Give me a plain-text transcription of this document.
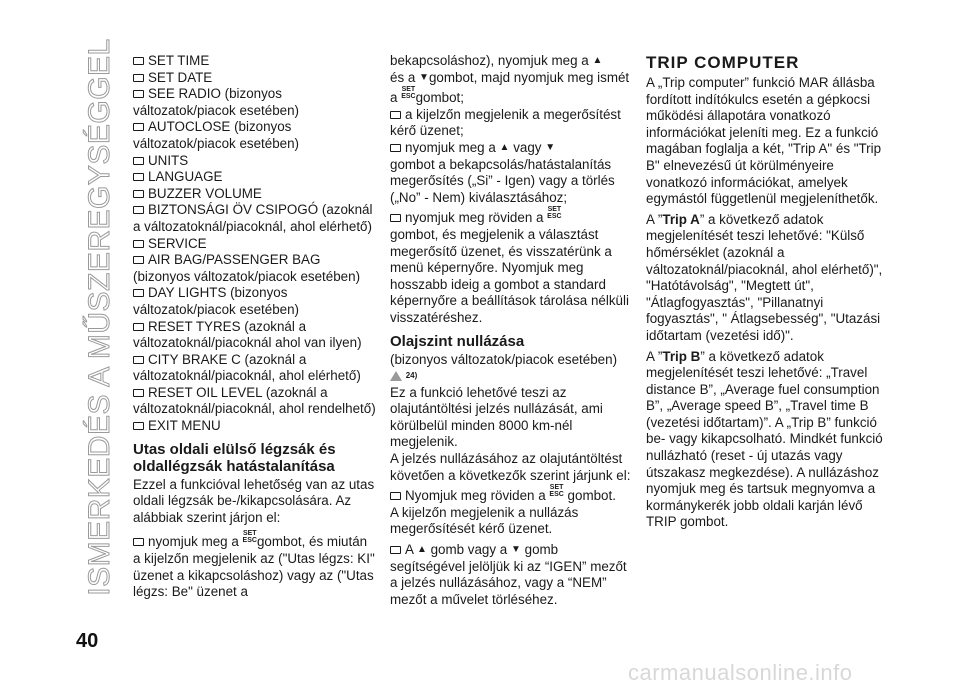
ISMERKEDÉS A MŰSZEREGYSÉGGEL	SET TIME
SET DATE
SEE RADIO (bizonyos változatok/piacok esetében)
AUTOCLOSE (bizonyos változatok/piacok esetében)
UNITS
LANGUAGE
BUZZER VOLUME
BIZTONSÁGI ÖV CSIPOGÓ (azoknál a változatoknál/piacoknál, ahol elérhető)
SERVICE
AIR BAG/PASSENGER BAG (bizonyos változatok/piacok esetében)
DAY LIGHTS (bizonyos változatok/piacok esetében)
RESET TYRES (azoknál a változatoknál/piacoknál ahol van ilyen)
CITY BRAKE C (azoknál a változatoknál/piacoknál, ahol elérhető)
RESET OIL LEVEL (azoknál a változatoknál/piacoknál, ahol rendelhető)
EXIT MENU
Utas oldali elülső légzsák és oldallégzsák hatástalanítása

Ezzel a funkcióval lehetőség van az utas oldali légzsák be-/kikapcsolására. Az alábbiak szerint járjon el:

nyomjuk meg a
SET
ESC gombot, és miután a kijelzőn megjelenik az ("Utas légzs: KI" üzenet a kikapcsoláshoz) vagy az ("Utas légzs: Be" üzenet a

bekapcsoláshoz), nyomjuk meg a ▲
és a ▼gombot, majd nyomjuk meg ismét a
SET
ESC gombot;

a kijelzőn megjelenik a megerősítést kérő üzenet;

nyomjuk meg a ▲ vagy ▼
gombot a bekapcsolás/hatástalanítás megerősítés („Si” - Igen) vagy a törlés („No” - Nem) kiválasztásához;

nyomjuk meg röviden a
SET
ESC

gombot, és megjelenik a választást megerősítő üzenet, és visszatérünk a menü képernyőre. Nyomjuk meg hosszabb ideig a gombot a standard képernyőre a beállítások tárolása nélküli visszatéréshez.

Olajszint nullázása

(bizonyos változatok/piacok esetében)

24)

Ez a funkció lehetővé teszi az olajutántöltési jelzés nullázását, ami körülbelül minden 8000 km-nél megjelenik.

A jelzés nullázásához az olajutántöltést követően a következők szerint járjunk el:

Nyomjuk meg röviden a
SET
ESC gombot.

A kijelzőn megjelenik a nullázás megerősítését kérő üzenet.

A ▲ gomb vagy a ▼ gomb segítségével jelöljük ki az “IGEN” mezőt a jelzés nullázásához, vagy a “NEM” mezőt a művelet törléséhez.

TRIP COMPUTER

A „Trip computer” funkció MAR állásba fordított indítókulcs esetén a gépkocsi működési állapotára vonatkozó információkat jeleníti meg. Ez a funkció magában foglalja a két, "Trip A" és "Trip B" elnevezésű út körülményeire vonatkozó információkat, amelyek egymástól függetlenül megjeleníthetők.

A ”Trip A” a következő adatok megjelenítését teszi lehetővé: "Külső hőmérséklet (azoknál a változatoknál/piacoknál, ahol elérhető)", "Hatótávolság", "Megtett út", "Átlagfogyasztás", "Pillanatnyi fogyasztás", " Átlagsebesség", "Utazási időtartam (vezetési idő)".

A ”Trip B” a következő adatok megjelenítését teszi lehetővé: „Travel distance B”, „Average fuel consumption B”, „Average speed B”, „Travel time B (vezetési időtartam)”. A „Trip B” funkció be- vagy kikapcsolható. Mindkét funkció nullázható (reset - új utazás vagy útszakasz megkezdése). A nullázáshoz nyomjuk meg és tartsuk megnyomva a kormánykerék jobb oldali karján lévő TRIP gombot.

40
carmanualsonline.info
